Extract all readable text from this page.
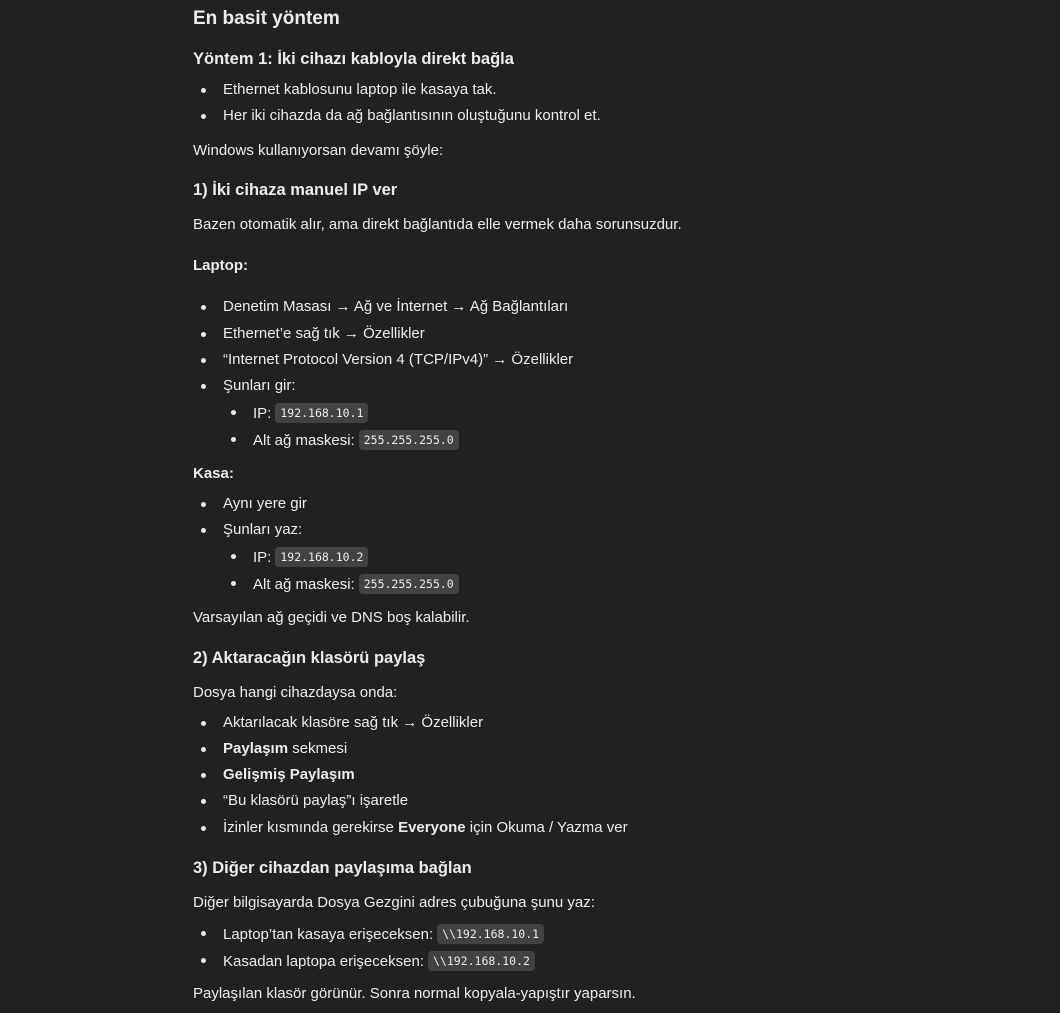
En basit yöntem
Yöntem 1: İki cihazı kabloyla direkt bağla
Ethernet kablosunu laptop ile kasaya tak.
Her iki cihazda da ağ bağlantısının oluştuğunu kontrol et.
Windows kullanıyorsan devamı şöyle:
1) İki cihaza manuel IP ver
Bazen otomatik alır, ama direkt bağlantıda elle vermek daha sorunsuzdur.
Laptop:
Denetim Masası → Ağ ve İnternet → Ağ Bağlantıları
Ethernet’e sağ tık → Özellikler
“Internet Protocol Version 4 (TCP/IPv4)” → Özellikler
Şunları gir:
IP: 192.168.10.1
Alt ağ maskesi: 255.255.255.0
Kasa:
Aynı yere gir
Şunları yaz:
IP: 192.168.10.2
Alt ağ maskesi: 255.255.255.0
Varsayılan ağ geçidi ve DNS boş kalabilir.
2) Aktaracağın klasörü paylaş
Dosya hangi cihazdaysa onda:
Aktarılacak klasöre sağ tık → Özellikler
Paylaşım sekmesi
Gelişmiş Paylaşım
“Bu klasörü paylaş”ı işaretle
İzinler kısmında gerekirse Everyone için Okuma / Yazma ver
3) Diğer cihazdan paylaşıma bağlan
Diğer bilgisayarda Dosya Gezgini adres çubuğuna şunu yaz:
Laptop’tan kasaya erişeceksen: \\192.168.10.1
Kasadan laptopa erişeceksen: \\192.168.10.2
Paylaşılan klasör görünür. Sonra normal kopyala-yapıştır yaparsın.
